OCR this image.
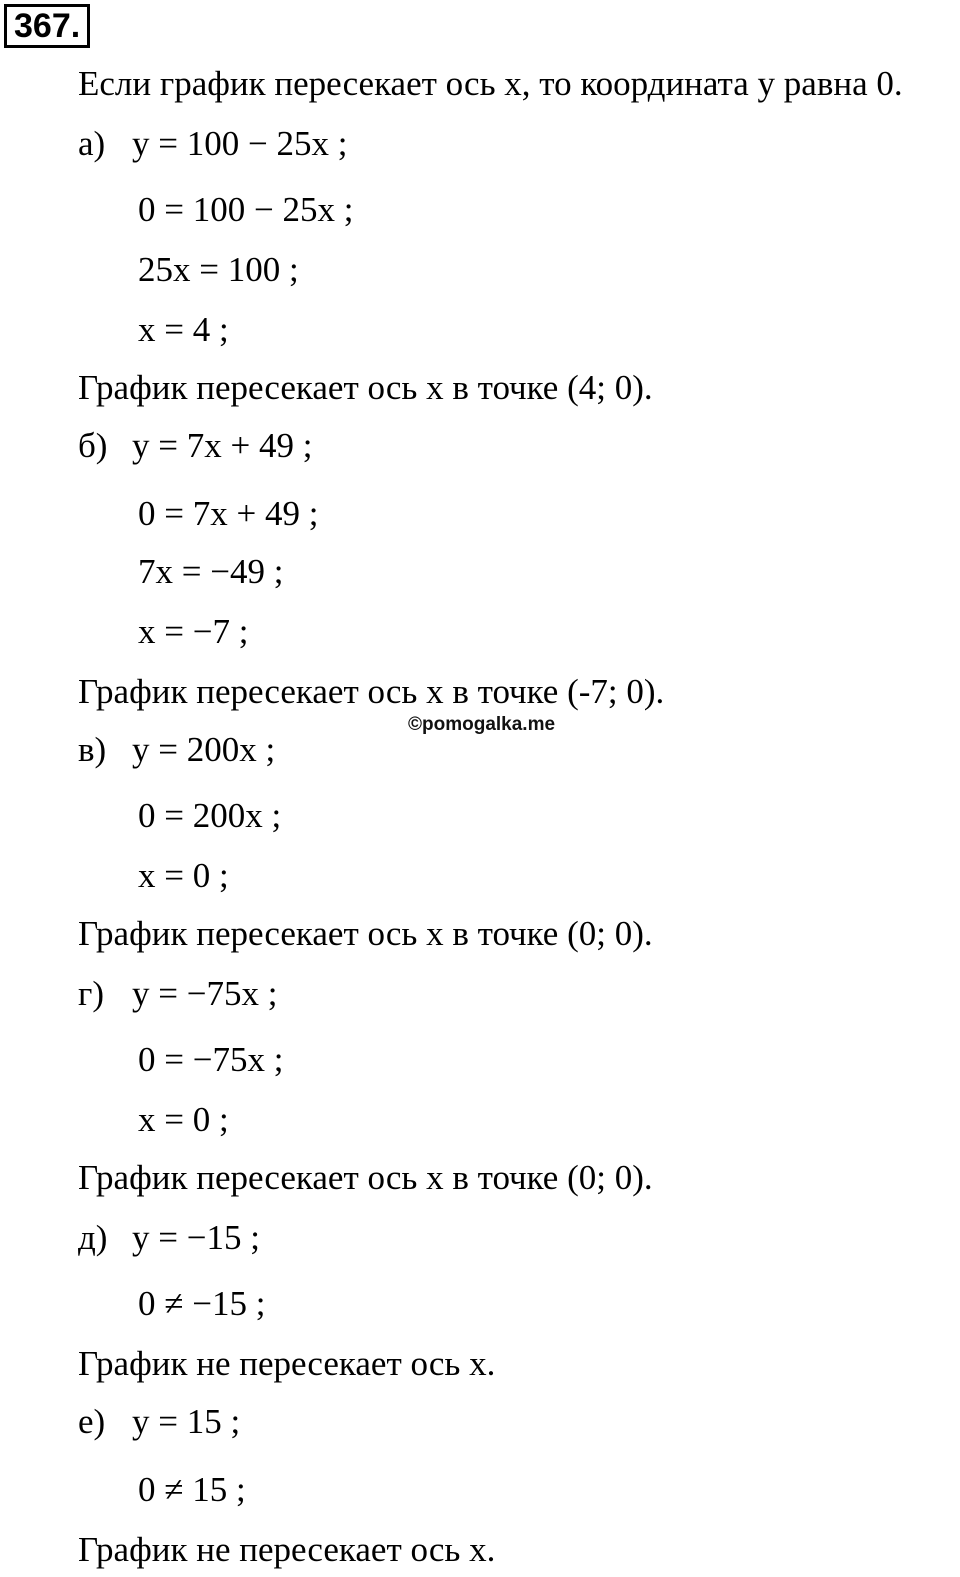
367.
Если график пересекает ось x, то координата y равна 0.
а) y = 100 − 25x ;
0 = 100 − 25x ;
25x = 100 ;
x = 4 ;
График пересекает ось x в точке (4; 0).
б) y = 7x + 49 ;
0 = 7x + 49 ;
7x = −49 ;
x = −7 ;
График пересекает ось x в точке (-7; 0).
©pomogalka.me
в) y = 200x ;
0 = 200x ;
x = 0 ;
График пересекает ось x в точке (0; 0).
г) y = −75x ;
0 = −75x ;
x = 0 ;
График пересекает ось x в точке (0; 0).
д) y = −15 ;
0 ≠ −15 ;
График не пересекает ось x.
е) y = 15 ;
0 ≠ 15 ;
График не пересекает ось x.
